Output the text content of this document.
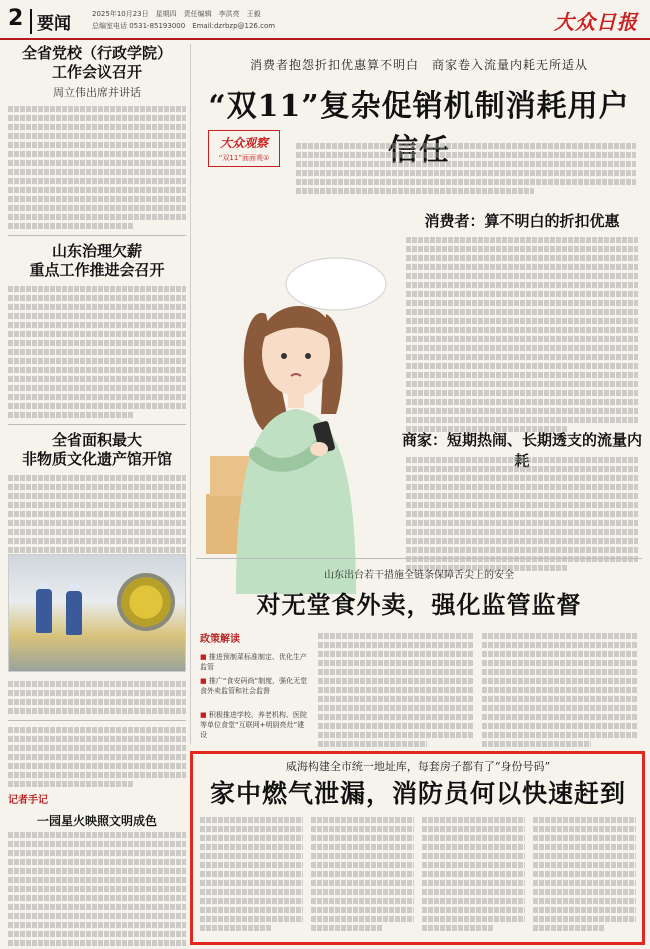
2 要闻	2025年10月23日　星期四　责任编辑　李洪亮　王毅
总编室电话 0531-85193000　Email:dzrbzp@126.com	大众日报
全省党校（行政学院）
工作会议召开
周立伟出席并讲话
山东治理欠薪
重点工作推进会召开
全省面积最大
非物质文化遗产馆开馆
记者手记
一园星火映照文明成色
消费者抱怨折扣优惠算不明白　商家卷入流量内耗无所适从
“双11”复杂促销机制消耗用户信任
大众观察
“双11”面面观①
消费者：算不明白的折扣优惠
商家：短期热闹、长期透支的流量内耗
山东出台若干措施全链条保障舌尖上的安全
对无堂食外卖，强化监管监督
政策解读
■ 推进预制菜标准制定、优化生产监管
■ 推广“食安码尚”制度，强化无堂食外卖监管和社会监督
■ 积极推进学校、养老机构、医院等单位食堂“互联网+明厨亮灶”建设
威海构建全市统一地址库，每套房子都有了“身份号码”
家中燃气泄漏，消防员何以快速赶到
